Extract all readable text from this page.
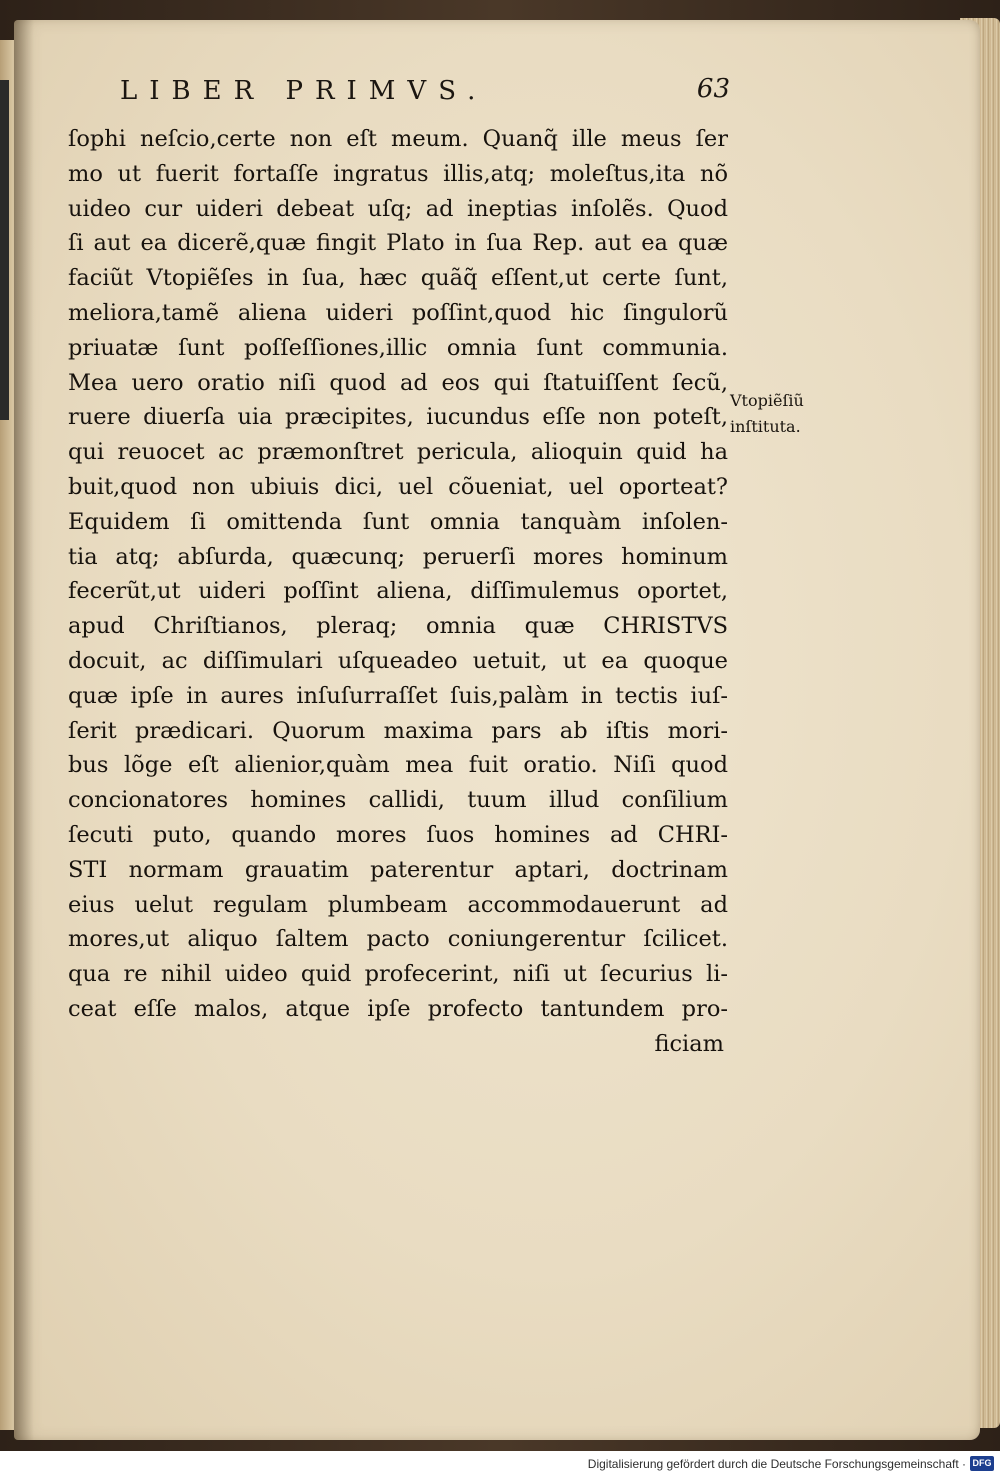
LIBER PRIMVS.	63
ſophi neſcio,certe non eſt meum. Quanq̃ ille meus ſer
mo ut fuerit fortaſſe ingratus illis,atq; moleſtus,ita nõ
uideo cur uideri debeat uſq; ad ineptias inſolẽs. Quod
ſi aut ea dicerẽ,quæ fingit Plato in ſua Rep. aut ea quæ
faciũt Vtopiẽſes in ſua, hæc quãq̃ eſſent,ut certe ſunt,
meliora,tamẽ aliena uideri poſſint,quod hic ſingulorũ
priuatæ ſunt poſſeſſiones,illic omnia ſunt communia.
Mea uero oratio niſi quod ad eos qui ſtatuiſſent ſecũ,
ruere diuerſa uia præcipites, iucundus eſſe non poteſt,
qui reuocet ac præmonſtret pericula, alioquin quid ha
buit,quod non ubiuis dici, uel cõueniat, uel oporteat?
Equidem ſi omittenda ſunt omnia tanquàm inſolen-
tia atq; abſurda, quæcunq; peruerſi mores hominum
fecerũt,ut uideri poſſint aliena, diſſimulemus oportet,
apud Chriſtianos, pleraq; omnia quæ CHRISTVS
docuit, ac diſſimulari uſqueadeo uetuit, ut ea quoque
quæ ipſe in aures inſuſurraſſet ſuis,palàm in tectis iuſ-
ſerit prædicari. Quorum maxima pars ab iſtis mori-
bus lõge eſt alienior,quàm mea fuit oratio. Niſi quod
concionatores homines callidi, tuum illud conſilium
ſecuti puto, quando mores ſuos homines ad CHRI-
STI normam grauatim paterentur aptari, doctrinam
eius uelut regulam plumbeam accommodauerunt ad
mores,ut aliquo ſaltem pacto coniungerentur ſcilicet.
qua re nihil uideo quid profecerint, niſi ut ſecurius li-
ceat eſſe malos, atque ipſe profecto tantundem pro-
ficiam
Vtopiẽſiũ
inſtituta.
Digitalisierung gefördert durch die Deutsche Forschungsgemeinschaft · DFG
